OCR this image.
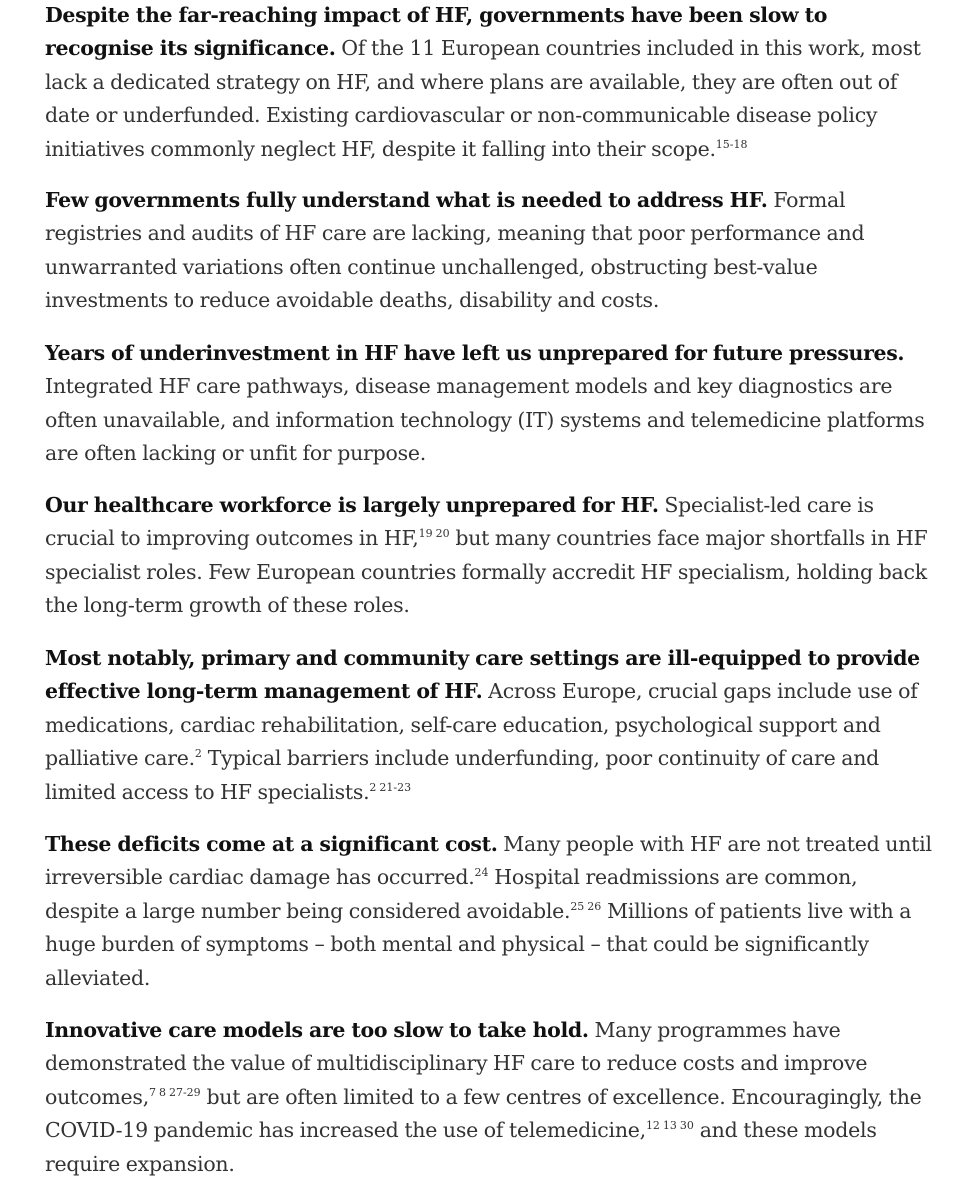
Despite the far-reaching impact of HF, governments have been slow to recognise its significance. Of the 11 European countries included in this work, most lack a dedicated strategy on HF, and where plans are available, they are often out of date or underfunded. Existing cardiovascular or non-communicable disease policy initiatives commonly neglect HF, despite it falling into their scope.$^{15-18}$

Few governments fully understand what is needed to address HF. Formal registries and audits of HF care are lacking, meaning that poor performance and unwarranted variations often continue unchallenged, obstructing best-value investments to reduce avoidable deaths, disability and costs.

Years of underinvestment in HF have left us unprepared for future pressures. Integrated HF care pathways, disease management models and key diagnostics are often unavailable, and information technology (IT) systems and telemedicine platforms are often lacking or unfit for purpose.

Our healthcare workforce is largely unprepared for HF. Specialist-led care is crucial to improving outcomes in HF,$^{19 20}$ but many countries face major shortfalls in HF specialist roles. Few European countries formally accredit HF specialism, holding back the long-term growth of these roles.

Most notably, primary and community care settings are ill-equipped to provide effective long-term management of HF. Across Europe, crucial gaps include use of medications, cardiac rehabilitation, self-care education, psychological support and palliative care.$^2$ Typical barriers include underfunding, poor continuity of care and limited access to HF specialists.$^{2 21-23}$

These deficits come at a significant cost. Many people with HF are not treated until irreversible cardiac damage has occurred.$^{24}$ Hospital readmissions are common, despite a large number being considered avoidable.$^{25 26}$ Millions of patients live with a huge burden of symptoms – both mental and physical – that could be significantly alleviated.

Innovative care models are too slow to take hold. Many programmes have demonstrated the value of multidisciplinary HF care to reduce costs and improve outcomes,$^{7 8 27-29}$ but are often limited to a few centres of excellence. Encouragingly, the COVID-19 pandemic has increased the use of telemedicine,$^{12 13 30}$ and these models require expansion.
